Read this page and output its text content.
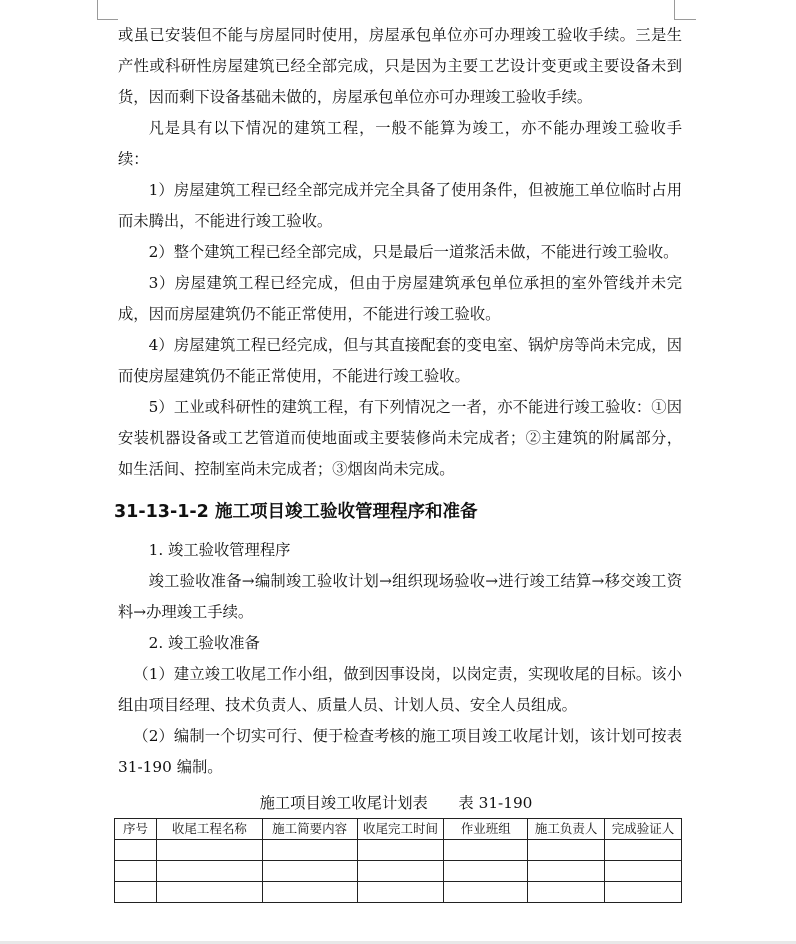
或虽已安装但不能与房屋同时使用，房屋承包单位亦可办理竣工验收手续。三是生产性或科研性房屋建筑已经全部完成，只是因为主要工艺设计变更或主要设备未到货，因而剩下设备基础未做的，房屋承包单位亦可办理竣工验收手续。

凡是具有以下情况的建筑工程，一般不能算为竣工，亦不能办理竣工验收手续：

1）房屋建筑工程已经全部完成并完全具备了使用条件，但被施工单位临时占用而未腾出，不能进行竣工验收。

2）整个建筑工程已经全部完成，只是最后一道浆活未做，不能进行竣工验收。

3）房屋建筑工程已经完成，但由于房屋建筑承包单位承担的室外管线并未完成，因而房屋建筑仍不能正常使用，不能进行竣工验收。

4）房屋建筑工程已经完成，但与其直接配套的变电室、锅炉房等尚未完成，因而使房屋建筑仍不能正常使用，不能进行竣工验收。

5）工业或科研性的建筑工程，有下列情况之一者，亦不能进行竣工验收：①因安装机器设备或工艺管道而使地面或主要装修尚未完成者；②主建筑的附属部分，如生活间、控制室尚未完成者；③烟囱尚未完成。

31-13-1-2 施工项目竣工验收管理程序和准备

1. 竣工验收管理程序

竣工验收准备→编制竣工验收计划→组织现场验收→进行竣工结算→移交竣工资料→办理竣工手续。

2. 竣工验收准备

（1）建立竣工收尾工作小组，做到因事设岗，以岗定责，实现收尾的目标。该小组由项目经理、技术负责人、质量人员、计划人员、安全人员组成。

（2）编制一个切实可行、便于检查考核的施工项目竣工收尾计划，该计划可按表 31-190 编制。

施工项目竣工收尾计划表　　表 31-190
序号	收尾工程名称	施工简要内容	收尾完工时间	作业班组	施工负责人	完成验证人
